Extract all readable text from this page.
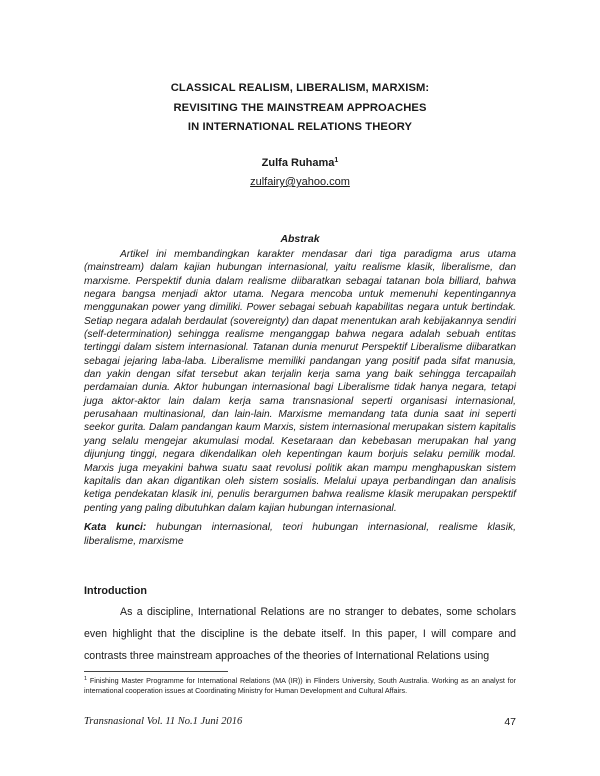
CLASSICAL REALISM, LIBERALISM, MARXISM:
REVISITING THE MAINSTREAM APPROACHES
IN INTERNATIONAL RELATIONS THEORY
Zulfa Ruhama$^1$
zulfairy@yahoo.com
Abstrak

Artikel ini membandingkan karakter mendasar dari tiga paradigma arus utama (mainstream) dalam kajian hubungan internasional, yaitu realisme klasik, liberalisme, dan marxisme. Perspektif dunia dalam realisme diibaratkan sebagai tatanan bola billiard, bahwa negara bangsa menjadi aktor utama. Negara mencoba untuk memenuhi kepentingannya menggunakan power yang dimiliki. Power sebagai sebuah kapabilitas negara untuk bertindak. Setiap negara adalah berdaulat (sovereignty) dan dapat menentukan arah kebijakannya sendiri (self-determination) sehingga realisme menganggap bahwa negara adalah sebuah entitas tertinggi dalam sistem internasional. Tatanan dunia menurut Perspektif Liberalisme diibaratkan sebagai jejaring laba-laba. Liberalisme memiliki pandangan yang positif pada sifat manusia, dan yakin dengan sifat tersebut akan terjalin kerja sama yang baik sehingga tercapailah perdamaian dunia. Aktor hubungan internasional bagi Liberalisme tidak hanya negara, tetapi juga aktor-aktor lain dalam kerja sama transnasional seperti organisasi internasional, perusahaan multinasional, dan lain-lain. Marxisme memandang tata dunia saat ini seperti seekor gurita. Dalam pandangan kaum Marxis, sistem internasional merupakan sistem kapitalis yang selalu mengejar akumulasi modal. Kesetaraan dan kebebasan merupakan hal yang dijunjung tinggi, negara dikendalikan oleh kepentingan kaum borjuis selaku pemilik modal. Marxis juga meyakini bahwa suatu saat revolusi politik akan mampu menghapuskan sistem kapitalis dan akan digantikan oleh sistem sosialis. Melalui upaya perbandingan dan analisis ketiga pendekatan klasik ini, penulis berargumen bahwa realisme klasik merupakan perspektif penting yang paling dibutuhkan dalam kajian hubungan internasional.

Kata kunci: hubungan internasional, teori hubungan internasional, realisme klasik, liberalisme, marxisme

Introduction

As a discipline, International Relations are no stranger to debates, some scholars even highlight that the discipline is the debate itself. In this paper, I will compare and contrasts three mainstream approaches of the theories of International Relations using

$^1$ Finishing Master Programme for International Relations (MA (IR)) in Flinders University, South Australia. Working as an analyst for international cooperation issues at Coordinating Ministry for Human Development and Cultural Affairs.

Transnasional Vol. 11 No.1 Juni 2016	47
